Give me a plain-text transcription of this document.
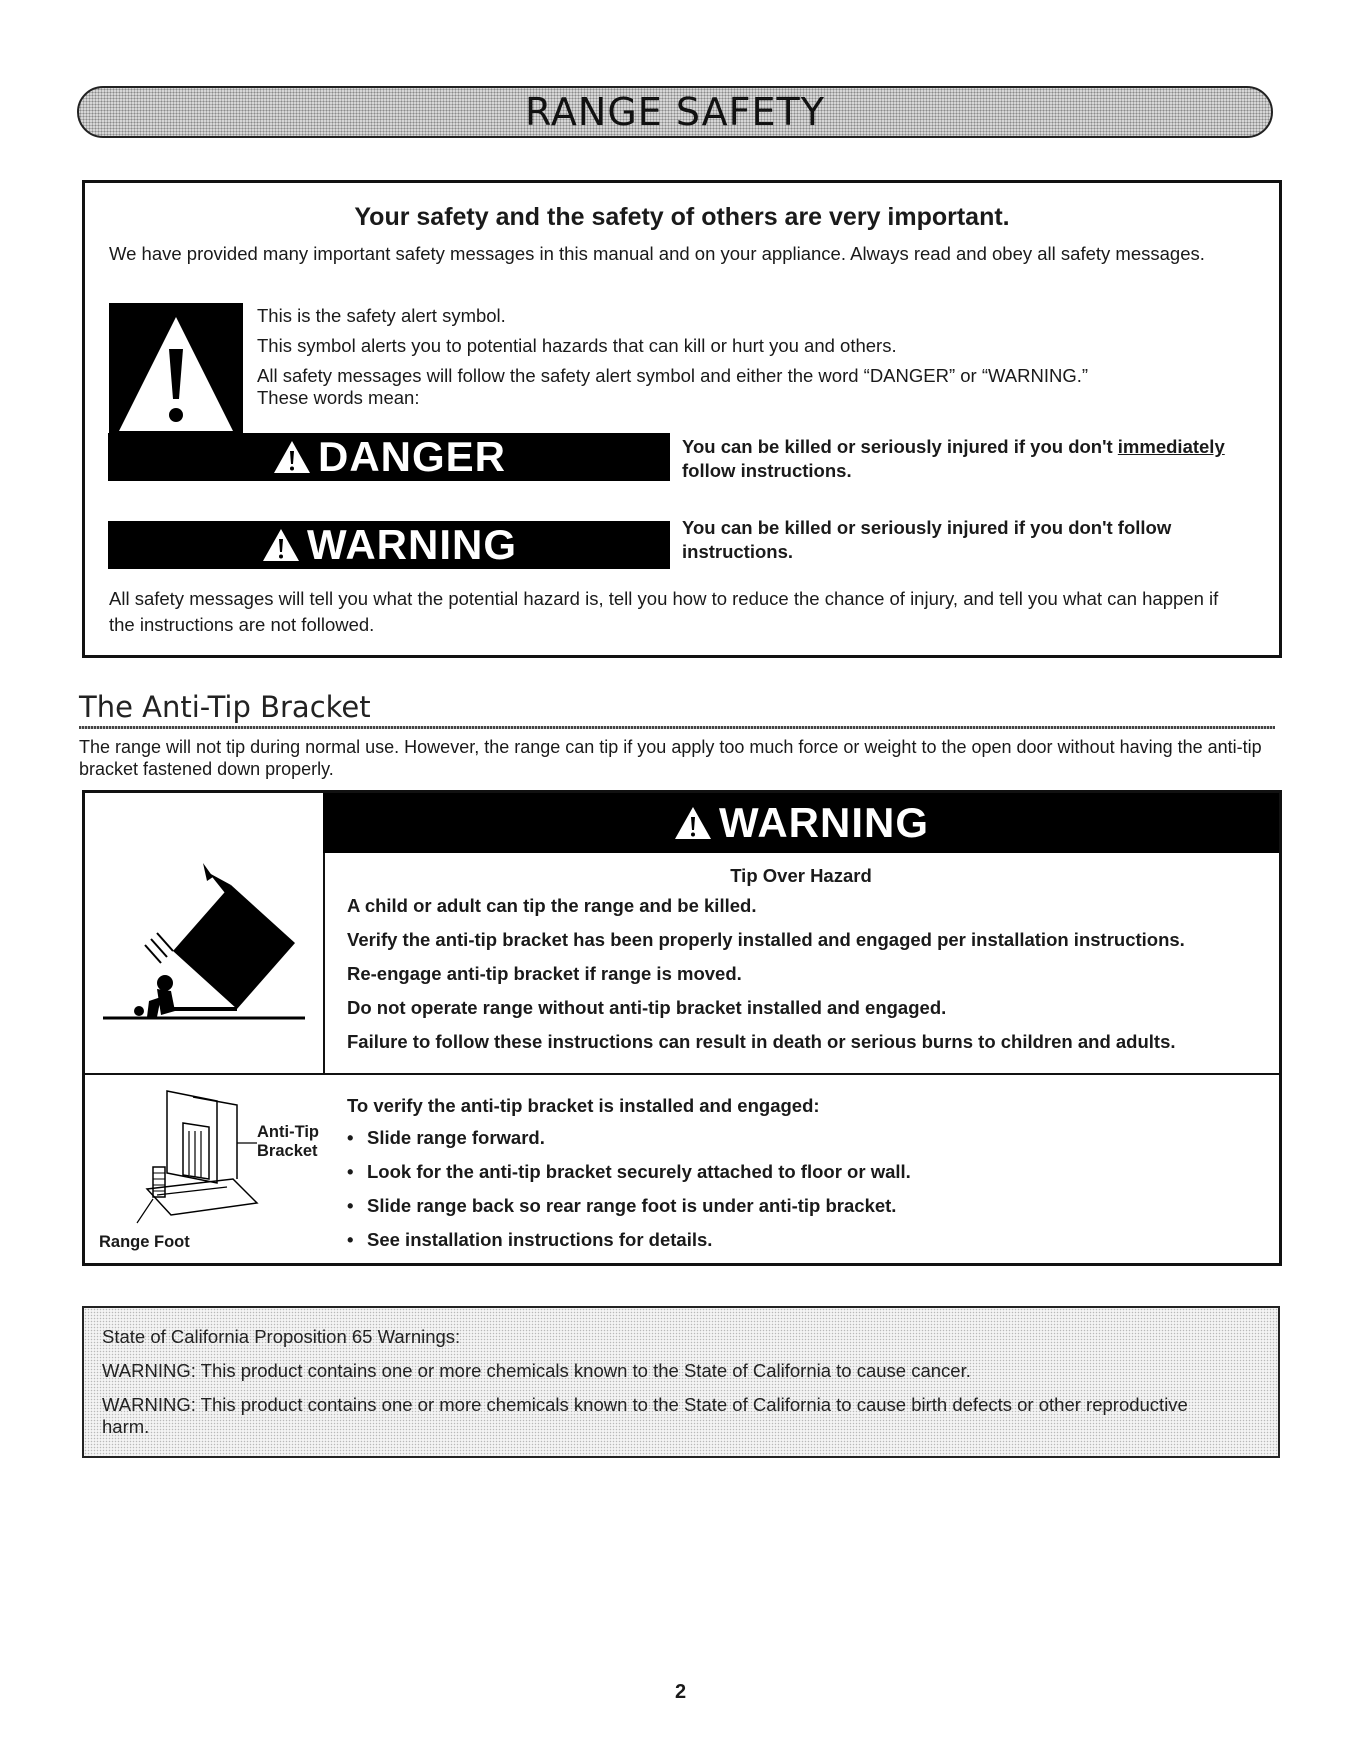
RANGE SAFETY
Your safety and the safety of others are very important.
We have provided many important safety messages in this manual and on your appliance. Always read and obey all safety messages.

This is the safety alert symbol.

This symbol alerts you to potential hazards that can kill or hurt you and others.

All safety messages will follow the safety alert symbol and either the word “DANGER” or “WARNING.”

These words mean:

DANGER	You can be killed or seriously injured if you don't immediately follow instructions.
WARNING	You can be killed or seriously injured if you don't follow instructions.
All safety messages will tell you what the potential hazard is, tell you how to reduce the chance of injury, and tell you what can happen if the instructions are not followed.
The Anti-Tip Bracket
The range will not tip during normal use. However, the range can tip if you apply too much force or weight to the open door without having the anti-tip bracket fastened down properly.
WARNING
Tip Over Hazard

A child or adult can tip the range and be killed.

Verify the anti-tip bracket has been properly installed and engaged per installation instructions.

Re-engage anti-tip bracket if range is moved.

Do not operate range without anti-tip bracket installed and engaged.

Failure to follow these instructions can result in death or serious burns to children and adults.

Anti-Tip
Bracket
Range Foot
To verify the anti-tip bracket is installed and engaged:
• Slide range forward.
• Look for the anti-tip bracket securely attached to floor or wall.
• Slide range back so rear range foot is under anti-tip bracket.
• See installation instructions for details.

State of California Proposition 65 Warnings:

WARNING: This product contains one or more chemicals known to the State of California to cause cancer.

WARNING: This product contains one or more chemicals known to the State of California to cause birth defects or other reproductive harm.

2
